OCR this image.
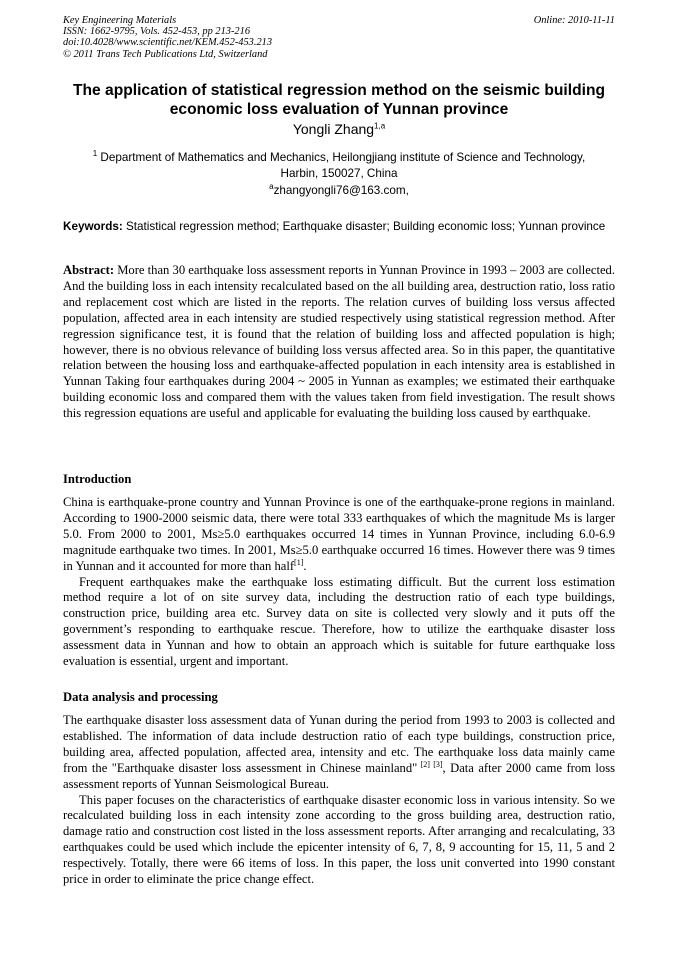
Key Engineering Materials
ISSN: 1662-9795, Vols. 452-453, pp 213-216
doi:10.4028/www.scientific.net/KEM.452-453.213
© 2011 Trans Tech Publications Ltd, Switzerland
Online: 2010-11-11
The application of statistical regression method on the seismic building
economic loss evaluation of Yunnan province
Yongli Zhang$^{1,a}$
$^1$ Department of Mathematics and Mechanics, Heilongjiang institute of Science and Technology,
Harbin, 150027, China
$^a$zhangyongli76@163.com,
Keywords: Statistical regression method; Earthquake disaster; Building economic loss; Yunnan province

Abstract: More than 30 earthquake loss assessment reports in Yunnan Province in 1993 – 2003 are collected. And the building loss in each intensity recalculated based on the all building area, destruction ratio, loss ratio and replacement cost which are listed in the reports. The relation curves of building loss versus affected population, affected area in each intensity are studied respectively using statistical regression method. After regression significance test, it is found that the relation of building loss and affected population is high; however, there is no obvious relevance of building loss versus affected area. So in this paper, the quantitative relation between the housing loss and earthquake-affected population in each intensity area is established in Yunnan Taking four earthquakes during 2004 ~ 2005 in Yunnan as examples; we estimated their earthquake building economic loss and compared them with the values taken from field investigation. The result shows this regression equations are useful and applicable for evaluating the building loss caused by earthquake.

Introduction

China is earthquake-prone country and Yunnan Province is one of the earthquake-prone regions in mainland. According to 1900-2000 seismic data, there were total 333 earthquakes of which the magnitude Ms is larger 5.0. From 2000 to 2001, Ms≥5.0 earthquakes occurred 14 times in Yunnan Province, including 6.0-6.9 magnitude earthquake two times. In 2001, Ms≥5.0 earthquake occurred 16 times. However there was 9 times in Yunnan and it accounted for more than half[1].

Frequent earthquakes make the earthquake loss estimating difficult. But the current loss estimation method require a lot of on site survey data, including the destruction ratio of each type buildings, construction price, building area etc. Survey data on site is collected very slowly and it puts off the government’s responding to earthquake rescue. Therefore, how to utilize the earthquake disaster loss assessment data in Yunnan and how to obtain an approach which is suitable for future earthquake loss evaluation is essential, urgent and important.

Data analysis and processing

The earthquake disaster loss assessment data of Yunan during the period from 1993 to 2003 is collected and established. The information of data include destruction ratio of each type buildings, construction price, building area, affected population, affected area, intensity and etc. The earthquake loss data mainly came from the "Earthquake disaster loss assessment in Chinese mainland" [2] [3], Data after 2000 came from loss assessment reports of Yunnan Seismological Bureau.

This paper focuses on the characteristics of earthquake disaster economic loss in various intensity. So we recalculated building loss in each intensity zone according to the gross building area, destruction ratio, damage ratio and construction cost listed in the loss assessment reports. After arranging and recalculating, 33 earthquakes could be used which include the epicenter intensity of 6, 7, 8, 9 accounting for 15, 11, 5 and 2 respectively. Totally, there were 66 items of loss. In this paper, the loss unit converted into 1990 constant price in order to eliminate the price change effect.
